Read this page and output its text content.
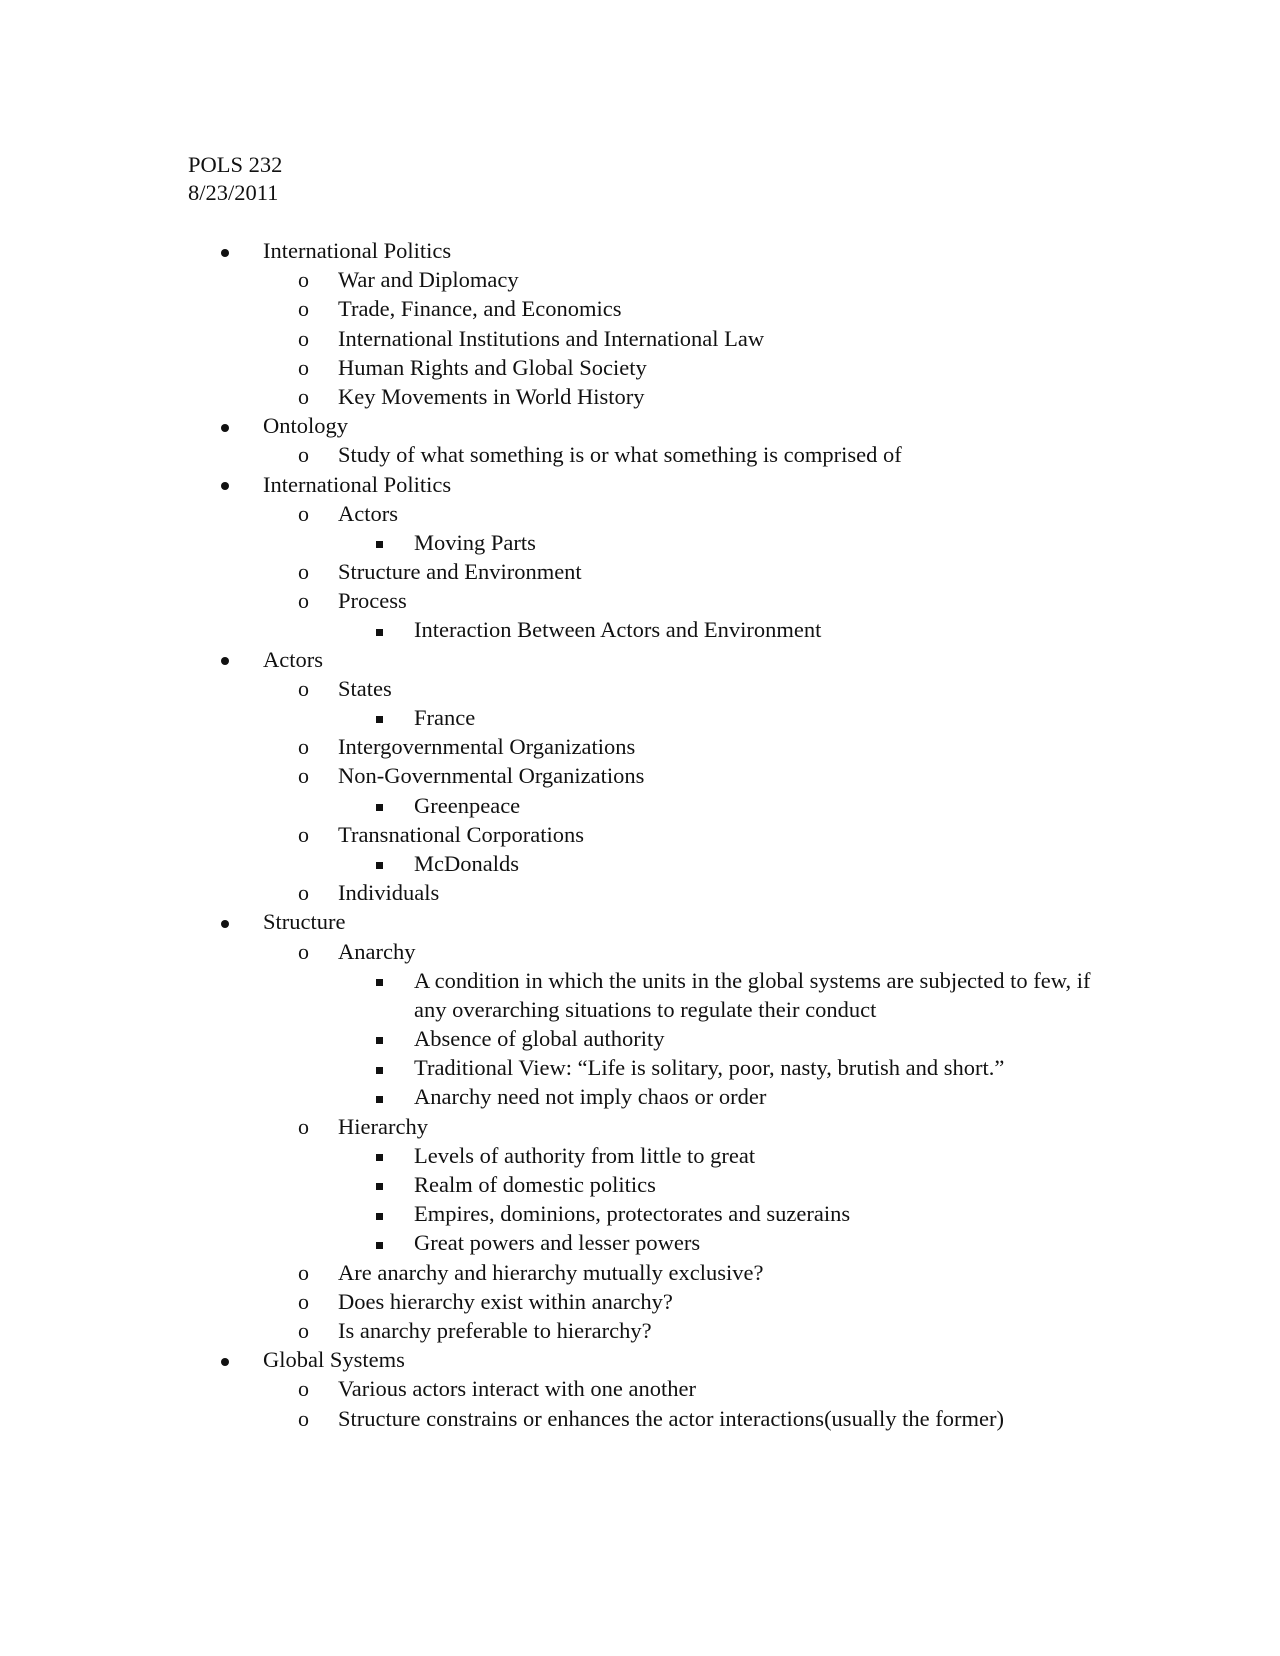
POLS 232
8/23/2011
International Politics
o War and Diplomacy
o Trade, Finance, and Economics
o International Institutions and International Law
o Human Rights and Global Society
o Key Movements in World History
Ontology
o Study of what something is or what something is comprised of
International Politics
o Actors
Moving Parts
o Structure and Environment
o Process
Interaction Between Actors and Environment
Actors
o States
France
o Intergovernmental Organizations
o Non-Governmental Organizations
Greenpeace
o Transnational Corporations
McDonalds
o Individuals
Structure
o Anarchy
A condition in which the units in the global systems are subjected to few, if any overarching situations to regulate their conduct
Absence of global authority
Traditional View: “Life is solitary, poor, nasty, brutish and short.”
Anarchy need not imply chaos or order
o Hierarchy
Levels of authority from little to great
Realm of domestic politics
Empires, dominions, protectorates and suzerains
Great powers and lesser powers
o Are anarchy and hierarchy mutually exclusive?
o Does hierarchy exist within anarchy?
o Is anarchy preferable to hierarchy?
Global Systems
o Various actors interact with one another
o Structure constrains or enhances the actor interactions(usually the former)
